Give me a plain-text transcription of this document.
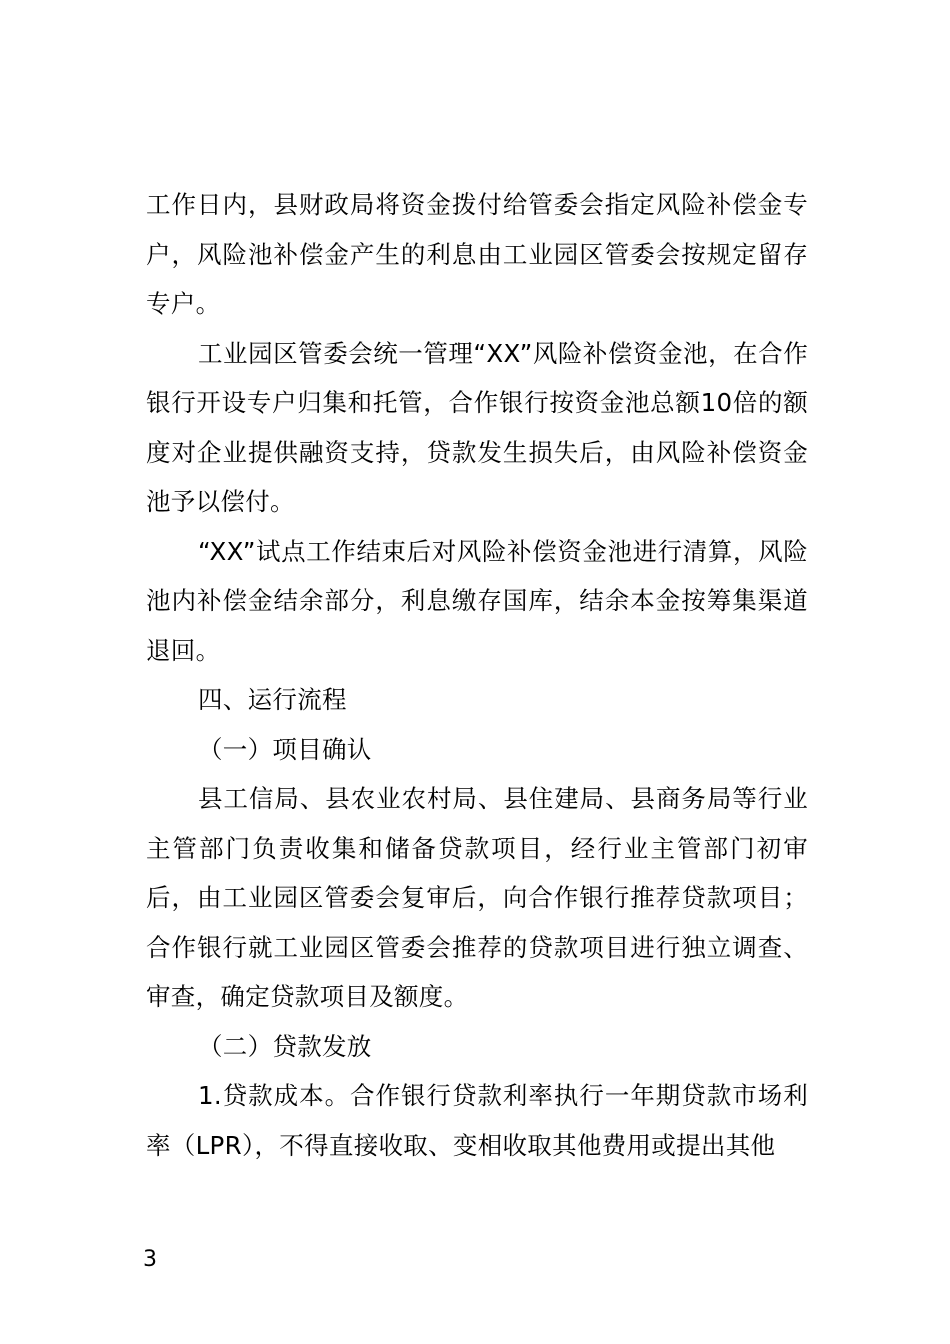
工作日内，县财政局将资金拨付给管委会指定风险补偿金专户，风险池补偿金产生的利息由工业园区管委会按规定留存专户。

工业园区管委会统一管理“XX”风险补偿资金池，在合作银行开设专户归集和托管，合作银行按资金池总额10倍的额度对企业提供融资支持，贷款发生损失后，由风险补偿资金池予以偿付。

“XX”试点工作结束后对风险补偿资金池进行清算，风险池内补偿金结余部分，利息缴存国库，结余本金按筹集渠道退回。

四、运行流程

（一）项目确认

县工信局、县农业农村局、县住建局、县商务局等行业主管部门负责收集和储备贷款项目，经行业主管部门初审后，由工业园区管委会复审后，向合作银行推荐贷款项目；合作银行就工业园区管委会推荐的贷款项目进行独立调查、审查，确定贷款项目及额度。

（二）贷款发放

1.贷款成本。合作银行贷款利率执行一年期贷款市场利率（LPR），不得直接收取、变相收取其他费用或提出其他

3
